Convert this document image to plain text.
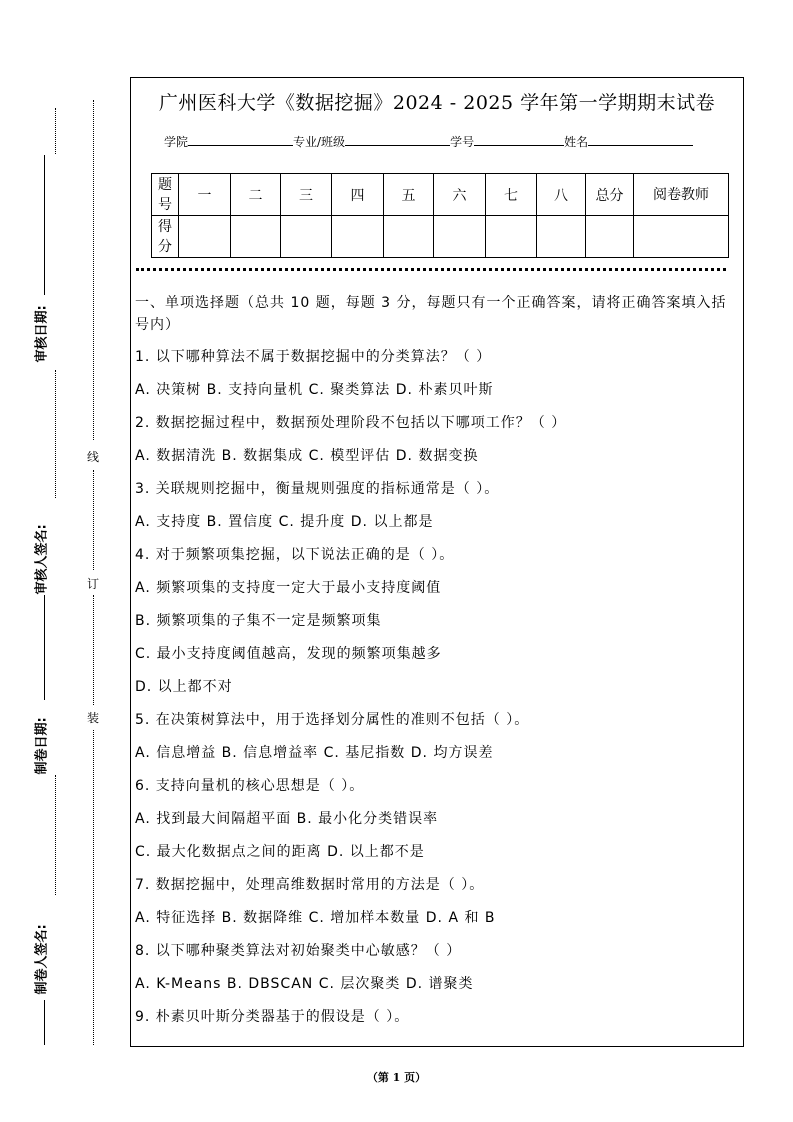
审核日期:
审核人签名:
制卷日期:
制卷人签名:
线
订
装
广州医科大学《数据挖掘》2024 - 2025 学年第一学期期末试卷
学院	专业/班级	学号	姓名
题号	一	二	三	四	五	六	七	八	总分	阅卷教师
得分										

一、单项选择题（总共 10 题，每题 3 分，每题只有一个正确答案，请将正确答案填入括号内）

1. 以下哪种算法不属于数据挖掘中的分类算法？（ ）

A. 决策树 B. 支持向量机 C. 聚类算法 D. 朴素贝叶斯

2. 数据挖掘过程中，数据预处理阶段不包括以下哪项工作？（ ）

A. 数据清洗 B. 数据集成 C. 模型评估 D. 数据变换

3. 关联规则挖掘中，衡量规则强度的指标通常是（ ）。

A. 支持度 B. 置信度 C. 提升度 D. 以上都是

4. 对于频繁项集挖掘，以下说法正确的是（ ）。

A. 频繁项集的支持度一定大于最小支持度阈值

B. 频繁项集的子集不一定是频繁项集

C. 最小支持度阈值越高，发现的频繁项集越多

D. 以上都不对

5. 在决策树算法中，用于选择划分属性的准则不包括（ ）。

A. 信息增益 B. 信息增益率 C. 基尼指数 D. 均方误差

6. 支持向量机的核心思想是（ ）。

A. 找到最大间隔超平面 B. 最小化分类错误率

C. 最大化数据点之间的距离 D. 以上都不是

7. 数据挖掘中，处理高维数据时常用的方法是（ ）。

A. 特征选择 B. 数据降维 C. 增加样本数量 D. A 和 B

8. 以下哪种聚类算法对初始聚类中心敏感？（ ）

A. K-Means B. DBSCAN C. 层次聚类 D. 谱聚类

9. 朴素贝叶斯分类器基于的假设是（ ）。

（第 1 页）
